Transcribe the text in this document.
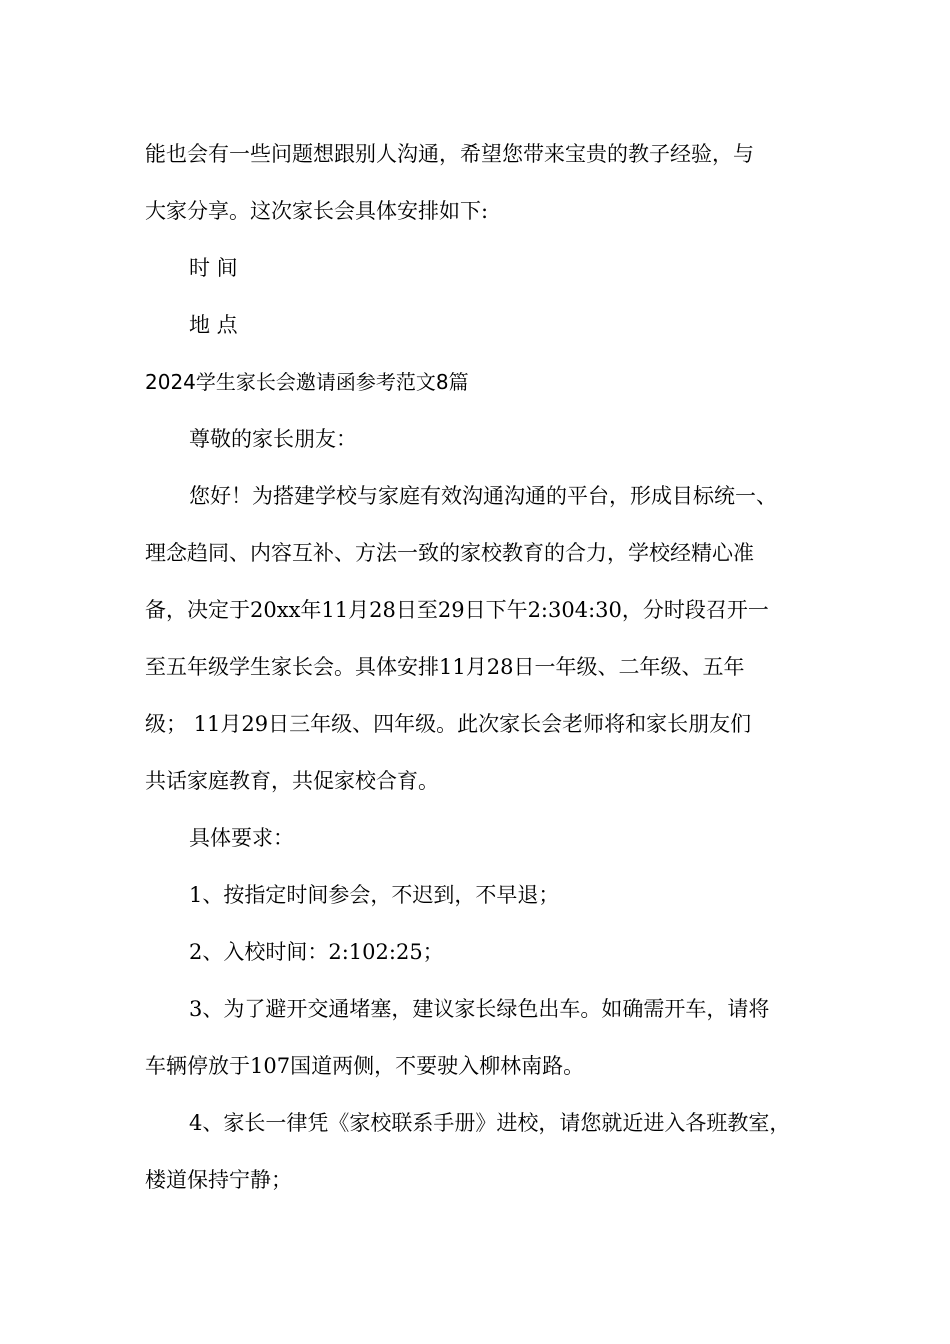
能也会有一些问题想跟别人沟通，希望您带来宝贵的教子经验，与

大家分享。这次家长会具体安排如下:

时 间

地 点

2024学生家长会邀请函参考范文8篇

尊敬的家长朋友：

您好！为搭建学校与家庭有效沟通沟通的平台，形成目标统一、

理念趋同、内容互补、方法一致的家校教育的合力，学校经精心准

备，决定于20xx年11月28日至29日下午2:304:30，分时段召开一

至五年级学生家长会。具体安排11月28日一年级、二年级、五年

级； 11月29日三年级、四年级。此次家长会老师将和家长朋友们

共话家庭教育，共促家校合育。

具体要求：

1、按指定时间参会，不迟到，不早退；

2、入校时间：2:102:25；

3、为了避开交通堵塞，建议家长绿色出车。如确需开车，请将

车辆停放于107国道两侧，不要驶入柳林南路。

4、家长一律凭《家校联系手册》进校，请您就近进入各班教室，

楼道保持宁静；
